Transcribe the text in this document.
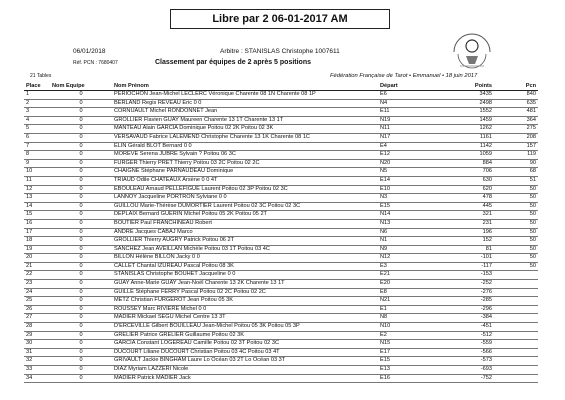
Libre par 2 06-01-2017 AM
06/01/2018
Réf. PCN : 7680407
Arbitre : STANISLAS Christophe 1007611
Classement par équipes de 2 après 5 positions
Fédération Française de Tarot • Emmanuel • 18 juin 2017
21 Tables
Place	Nom Equipe	Nom Prénom	Départ	Points	Pcn
1	0	PERIOCHON Jean-Michel LECLERC Véronique Charente 08 1N Charente 08 1P	E6	3435	840
2	0	BERLAND Regis REVEAU Eric 0 0	N4	2498	635
3	0	CORNUAULT Michel RONDONNET Jean	E11	1552	481
4	0	GROLLIER Flavien GUAY Maureen Charente 13 1T Charente 13 1T	N19	1459	364
5	0	MANTEAU Alain GARCIA Dominique Poitou 02 2K Poitou 02 3K	N11	1262	275
6	0	VERSAVAUD Fabrice LALEMEND Christophe Charente 13 1K Charente 08 1C	N17	1161	208
7	0	ELIN Gérald BLOT Bernard 0 0	E4	1142	157
8	0	MOREVE Serena JUBRE Sylvain ? Poitou 06 3C	E12	1059	119
9	0	FURGER Thierry PRET Thierry Poitou 03 2C Poitou 02 2C	N20	884	90
10	0	CHAIGNE Stéphane PARNAUDEAU Dominique	N5	706	68
11	0	TRIAUD Odile CHATEAUX Arsène 0 0 4T	E14	630	51
12	0	EBOULEAU Arnaud PELLEFIGUE Laurent Poitou 02 3P Poitou 02 3C	E10	620	50
13	0	LANNOY Jacqueline PORTRON Sylviane 0 0	N3	478	50
14	0	GUILLOU Marie-Thérèse DUMORTIER Laurent Poitou 02 3C Poitou 02 3C	E15	445	50
15	0	DEPLAIX Bernard GUERIN Michel Poitou 05 2K Poitou 05 2T	N14	321	50
16	0	BOUTIER Paul FRANCHINEAU Robert	N13	231	50
17	0	ANDRE Jacques CABAJ Marco	N6	196	50
18	0	GROLLIER Thierry AUGRY Patrick Poitou 06 2T	N1	152	50
19	0	SANCHEZ Jean AVEILLAN Michèle Poitou 03 1T Poitou 03 4C	N9	81	50
20	0	BILLON Hélène BILLON Jacky 0 0	N12	-101	50
21	0	CALLET Chantal IZUREAU Pascal Poitou 08 3K	E3	-117	50
22	0	STANISLAS Christophe BOUHET Jacqueline 0 0	E21	-153	
23	0	GUAY Anne-Marie GUAY Jean-Noël Charente 13 2K Charente 13 1T	E20	-252	
24	0	GUILLE Stéphane FERRY Pascal Poitou 02 2C Poitou 02 2C	E8	-276	
25	0	METZ Christian FURGEROT Jean Poitou 05 3K	N21	-285	
26	0	ROUSSEY Marc RIVIERE Michel 0 0	E1	-296	
27	0	MADIER Mickael SEGU Michel Centre 13 3T	N8	-384	
28	0	D'ERCEVILLE Gilbert BOUILLEAU Jean-Michel Poitou 05 3K Poitou 05 3P	N10	-451	
29	0	GRELIER Patrice GRELIER Guillaume Poitou 02 3K	E2	-512	
30	0	GARCIA Constant LOGEREAU Camille Poitou 02 3T Poitou 02 3C	N15	-559	
31	0	DUCOURT Liliane DUCOURT Christian Poitou 03 4C Poitou 03 4T	E17	-566	
32	0	GRIVAULT Jackie BINGHAM Laure Lo Océan 03 2T Lo Océan 03 3T	E15	-573	
33	0	DIAZ Myriam LAZZERI Nicole	E13	-693	
34	0	MADIER Patrick MADIER Jack	E16	-752	
